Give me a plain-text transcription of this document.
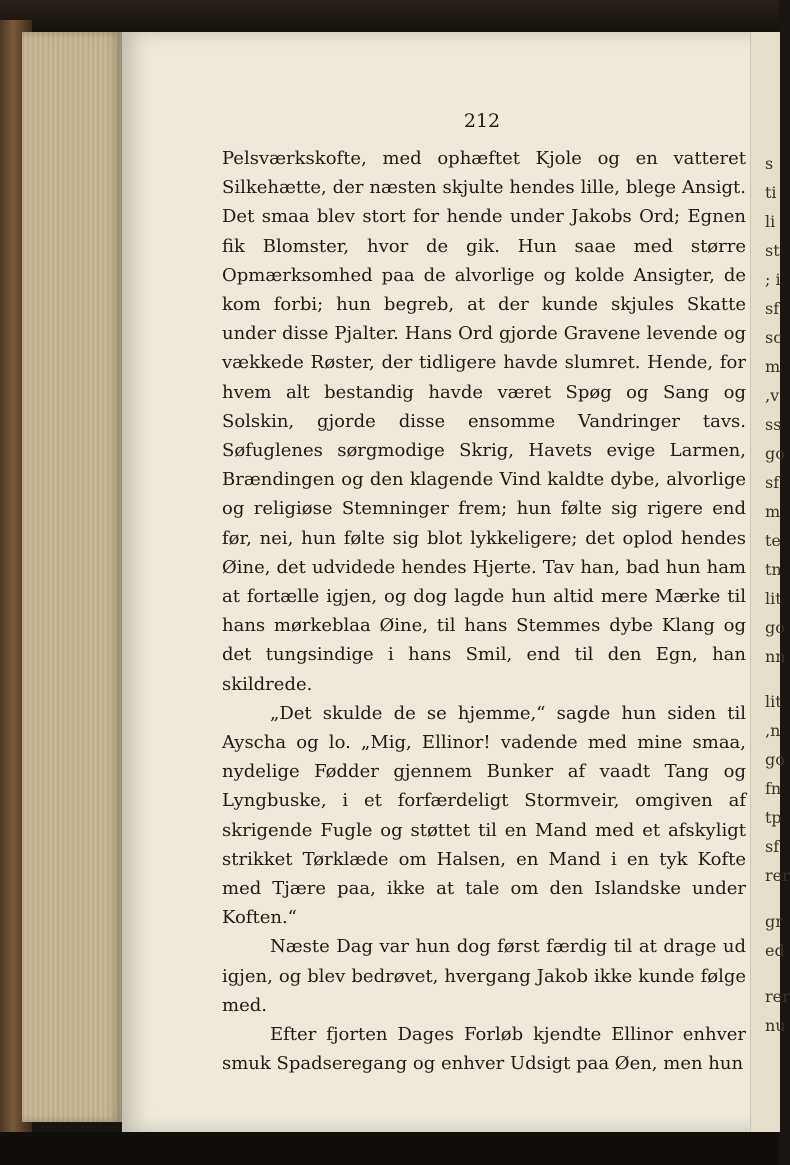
212

Pelsværkskofte, med ophæftet Kjole og en vatteret Silkehætte, der næsten skjulte hendes lille, blege Ansigt. Det smaa blev stort for hende under Jakobs Ord; Egnen fik Blomster, hvor de gik. Hun saae med større Opmærksomhed paa de alvorlige og kolde Ansigter, de kom forbi; hun begreb, at der kunde skjules Skatte under disse Pjalter. Hans Ord gjorde Gravene levende og vækkede Røster, der tidligere havde slumret. Hende, for hvem alt bestandig havde været Spøg og Sang og Solskin, gjorde disse ensomme Vandringer tavs. Søfuglenes sørgmodige Skrig, Havets evige Larmen, Brændingen og den klagende Vind kaldte dybe, alvorlige og religiøse Stemninger frem; hun følte sig rigere end før, nei, hun følte sig blot lykkeligere; det oplod hendes Øine, det udvidede hendes Hjerte. Tav han, bad hun ham at fortælle igjen, og dog lagde hun altid mere Mærke til hans mørkeblaa Øine, til hans Stemmes dybe Klang og det tungsindige i hans Smil, end til den Egn, han skildrede.

„Det skulde de se hjemme,“ sagde hun siden til Ayscha og lo. „Mig, Ellinor! vadende med mine smaa, nydelige Fødder gjennem Bunker af vaadt Tang og Lyngbuske, i et forfærdeligt Stormveir, omgiven af skrigende Fugle og støttet til en Mand med et afskyligt strikket Tørklæde om Halsen, en Mand i en tyk Kofte med Tjære paa, ikke at tale om den Islandske under Koften.“

Næste Dag var hun dog først færdig til at drage ud igjen, og blev bedrøvet, hvergang Jakob ikke kunde følge med.

Efter fjorten Dages Forløb kjendte Ellinor enhver smuk Spadseregang og enhver Udsigt paa Øen, men hun

s
ti
li
st
; i
sf
sc
m
‚v
ss
go
sf
m
te
tn
lit
go
nn
lit
‚n
go
fn
tp
sf
rer
gr
ed
rer
nu
